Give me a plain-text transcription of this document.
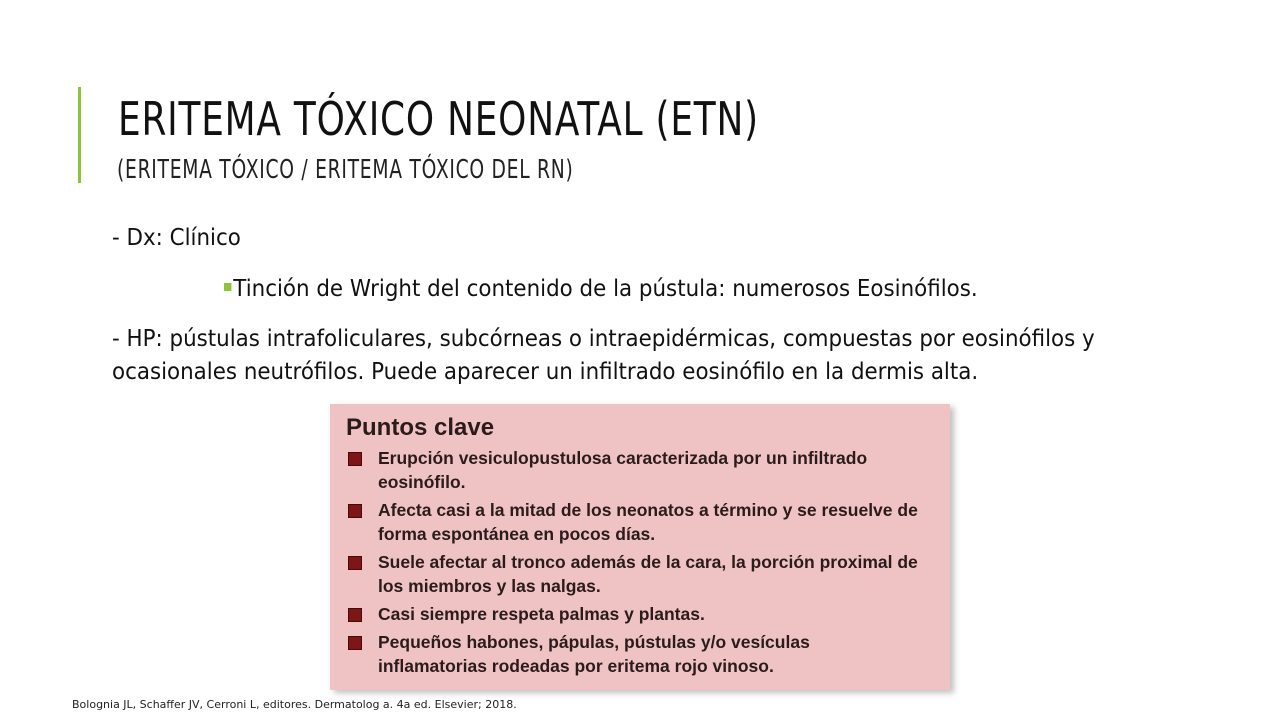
ERITEMA TÓXICO NEONATAL (ETN)
(ERITEMA TÓXICO / ERITEMA TÓXICO DEL RN)

- Dx: Clínico

Tinción de Wright del contenido de la pústula: numerosos Eosinófilos.

- HP: pústulas intrafoliculares, subcórneas o intraepidérmicas, compuestas por eosinófilos y ocasionales neutrófilos. Puede aparecer un infiltrado eosinófilo en la dermis alta.

Puntos clave
Erupción vesiculopustulosa caracterizada por un infiltrado eosinófilo.
Afecta casi a la mitad de los neonatos a término y se resuelve de forma espontánea en pocos días.
Suele afectar al tronco además de la cara, la porción proximal de los miembros y las nalgas.
Casi siempre respeta palmas y plantas.
Pequeños habones, pápulas, pústulas y/o vesículas inflamatorias rodeadas por eritema rojo vinoso.

Bolognia JL, Schaffer JV, Cerroni L, editores. Dermatolog a. 4a ed. Elsevier; 2018.
